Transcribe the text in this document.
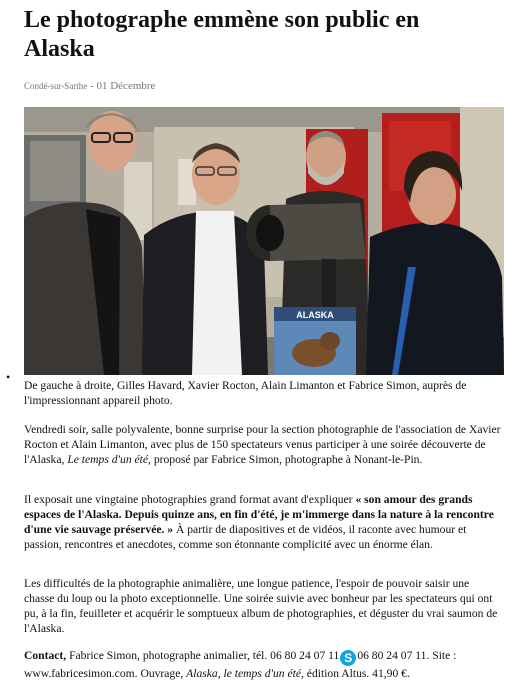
Le photographe emmène son public en Alaska
Condé-sur-Sarthe - 01 Décembre
ALASKA
•

De gauche à droite, Gilles Havard, Xavier Rocton, Alain Limanton et Fabrice Simon, auprès de l'impressionnant appareil photo.

Vendredi soir, salle polyvalente, bonne surprise pour la section photographie de l'association de Xavier Rocton et Alain Limanton, avec plus de 150 spectateurs venus participer à une soirée découverte de l'Alaska, Le temps d'un été, proposé par Fabrice Simon, photographe à Nonant-le-Pin.

Il exposait une vingtaine photographies grand format avant d'expliquer « son amour des grands espaces de l'Alaska. Depuis quinze ans, en fin d'été, je m'immerge dans la nature à la rencontre d'une vie sauvage préservée. » À partir de diapositives et de vidéos, il raconte avec humour et passion, rencontres et anecdotes, comme son étonnante complicité avec un énorme élan.

Les difficultés de la photographie animalière, une longue patience, l'espoir de pouvoir saisir une chasse du loup ou la photo exceptionnelle. Une soirée suivie avec bonheur par les spectateurs qui ont pu, à la fin, feuilleter et acquérir le somptueux album de photographies, et déguster du vrai saumon de l'Alaska.

Contact, Fabrice Simon, photographe animalier, tél. 06 80 24 07 11 S 06 80 24 07 11. Site : www.fabricesimon.com. Ouvrage, Alaska, le temps d'un été, édition Altus. 41,90 €.
